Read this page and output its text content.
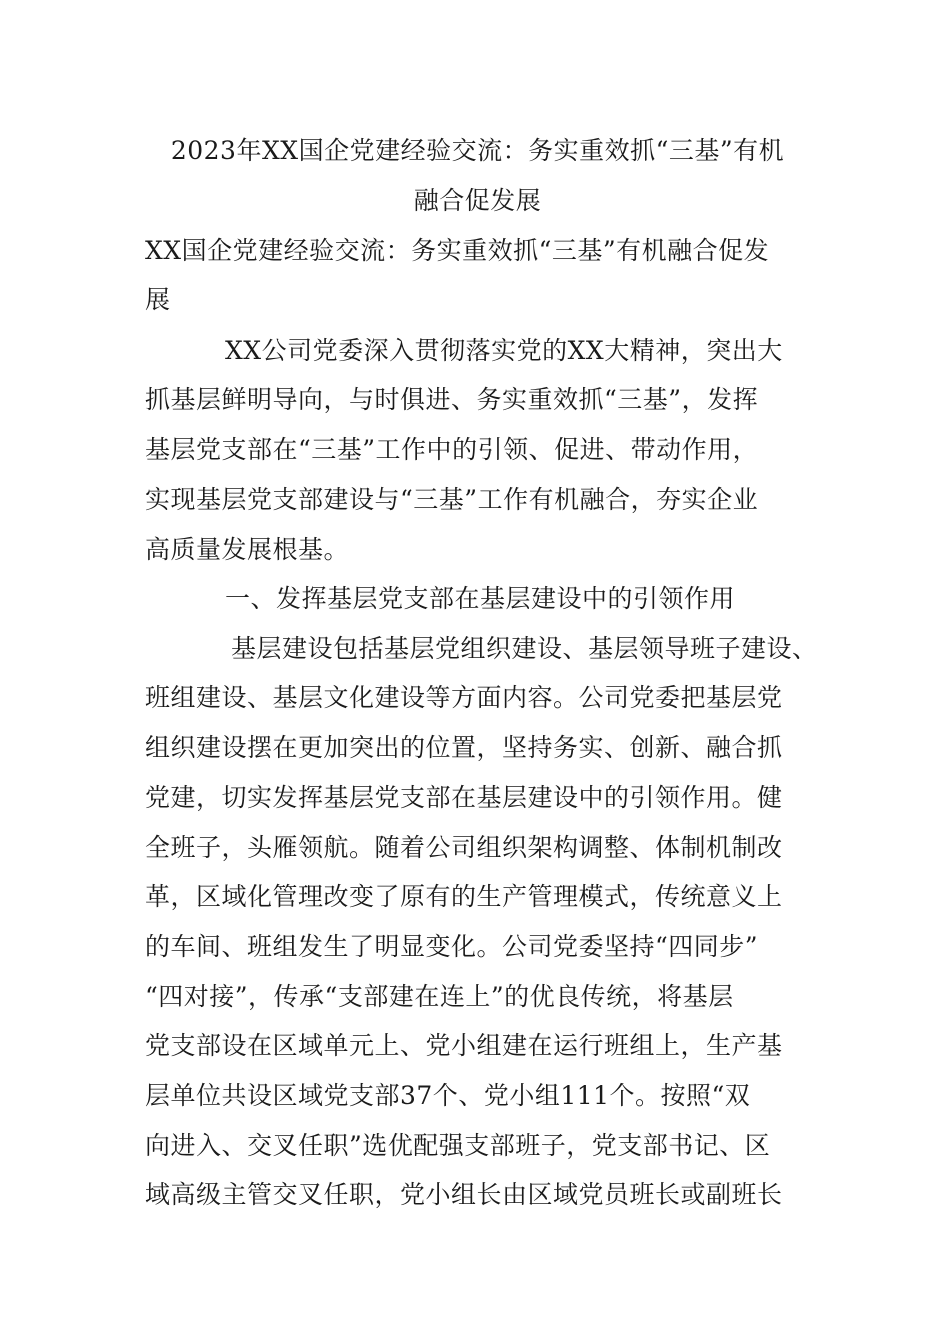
2023年XX国企党建经验交流：务实重效抓“三基”有机
融合促发展
XX国企党建经验交流：务实重效抓“三基”有机融合促发
展
XX公司党委深入贯彻落实党的XX大精神，突出大
抓基层鲜明导向，与时俱进、务实重效抓“三基”，发挥
基层党支部在“三基”工作中的引领、促进、带动作用，
实现基层党支部建设与“三基”工作有机融合，夯实企业
高质量发展根基。
一、发挥基层党支部在基层建设中的引领作用
基层建设包括基层党组织建设、基层领导班子建设、
班组建设、基层文化建设等方面内容。公司党委把基层党
组织建设摆在更加突出的位置，坚持务实、创新、融合抓
党建，切实发挥基层党支部在基层建设中的引领作用。健
全班子，头雁领航。随着公司组织架构调整、体制机制改
革，区域化管理改变了原有的生产管理模式，传统意义上
的车间、班组发生了明显变化。公司党委坚持“四同步”
“四对接”，传承“支部建在连上”的优良传统，将基层
党支部设在区域单元上、党小组建在运行班组上，生产基
层单位共设区域党支部37个、党小组111个。按照“双
向进入、交叉任职”选优配强支部班子，党支部书记、区
域高级主管交叉任职，党小组长由区域党员班长或副班长
